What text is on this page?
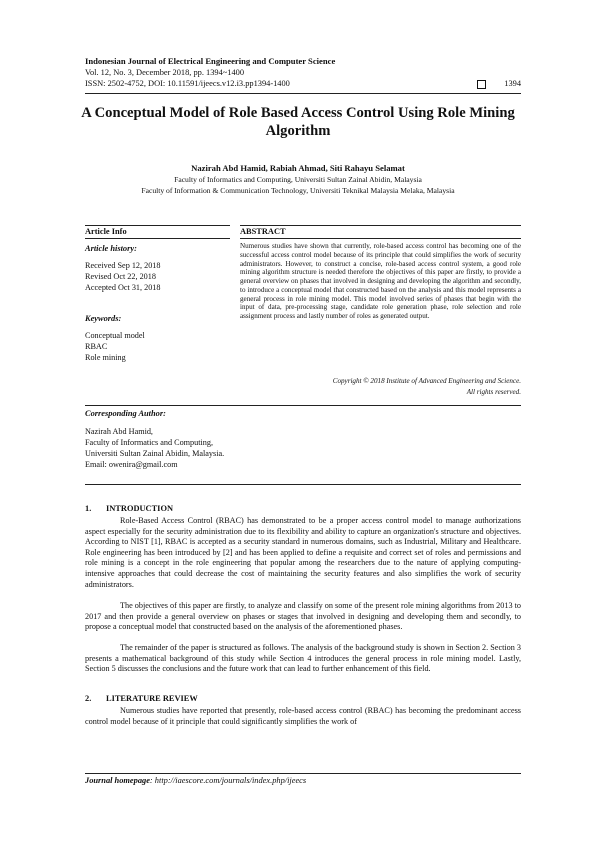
Indonesian Journal of Electrical Engineering and Computer Science
Vol. 12, No. 3, December 2018, pp. 1394~1400
ISSN: 2502-4752, DOI: 10.11591/ijeecs.v12.i3.pp1394-1400	1394
A Conceptual Model of Role Based Access Control Using Role Mining Algorithm
Nazirah Abd Hamid, Rabiah Ahmad, Siti Rahayu Selamat
Faculty of Informatics and Computing, Universiti Sultan Zainal Abidin, Malaysia
Faculty of Information & Communication Technology, Universiti Teknikal Malaysia Melaka, Malaysia
Article Info	ABSTRACT
Article history:
Received Sep 12, 2018
Revised Oct 22, 2018
Accepted Oct 31, 2018
Keywords:
Conceptual model
RBAC
Role mining
Numerous studies have shown that currently, role-based access control has becoming one of the successful access control model because of its principle that could simplifies the work of security administrators. However, to construct a concise, role-based access control system, a good role mining algorithm structure is needed therefore the objectives of this paper are firstly, to provide a general overview on phases that involved in designing and developing the algorithm and secondly, to introduce a conceptual model that constructed based on the analysis and this model represents a general process in role mining model. This model involved series of phases that begin with the input of data, pre-processing stage, candidate role generation phase, role selection and role assignment process and lastly number of roles as generated output.
Copyright © 2018 Institute of Advanced Engineering and Science.
All rights reserved.
Corresponding Author:
Nazirah Abd Hamid,
Faculty of Informatics and Computing,
Universiti Sultan Zainal Abidin, Malaysia.
Email: owenira@gmail.com
1. INTRODUCTION
Role-Based Access Control (RBAC) has demonstrated to be a proper access control model to manage authorizations aspect especially for the security administration due to its flexibility and ability to capture an organization's structure and objectives. According to NIST [1], RBAC is accepted as a security standard in numerous domains, such as Industrial, Military and Healthcare. Role engineering has been introduced by [2] and has been applied to define a requisite and correct set of roles and permissions and role mining is a concept in the role engineering that popular among the researchers due to the nature of applying computing-intensive approaches that could decrease the cost of maintaining the security features and also simplifies the work of security administrators.
The objectives of this paper are firstly, to analyze and classify on some of the present role mining algorithms from 2013 to 2017 and then provide a general overview on phases or stages that involved in designing and developing them and secondly, to propose a conceptual model that constructed based on the analysis of the aforementioned phases.
The remainder of the paper is structured as follows. The analysis of the background study is shown in Section 2. Section 3 presents a mathematical background of this study while Section 4 introduces the general process in role mining model. Lastly, Section 5 discusses the conclusions and the future work that can lead to further enhancement of this field.
2. LITERATURE REVIEW
Numerous studies have reported that presently, role-based access control (RBAC) has becoming the predominant access control model because of it principle that could significantly simplifies the work of
Journal homepage: http://iaescore.com/journals/index.php/ijeecs
